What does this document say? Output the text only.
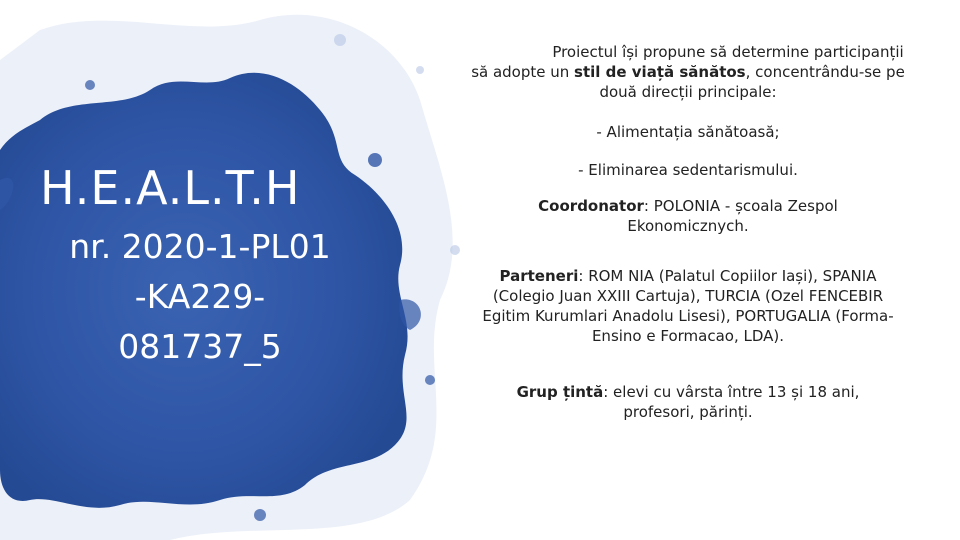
H.E.A.L.T.H
nr. 2020-1-PL01
-KA229-
081737_5

Proiectul își propune să determine participanții să adopte un stil de viață sănătos, concentrându-se pe două direcții principale:

- Alimentația sănătoasă;

- Eliminarea sedentarismului.

Coordonator: POLONIA - școala Zespol Ekonomicznych.

Parteneri: ROM NIA (Palatul Copiilor Iași), SPANIA (Colegio Juan XXIII Cartuja), TURCIA (Ozel FENCEBIR Egitim Kurumlari Anadolu Lisesi), PORTUGALIA (Forma-Ensino e Formacao, LDA).

Grup țintă: elevi cu vârsta între 13 și 18 ani, profesori, părinți.
